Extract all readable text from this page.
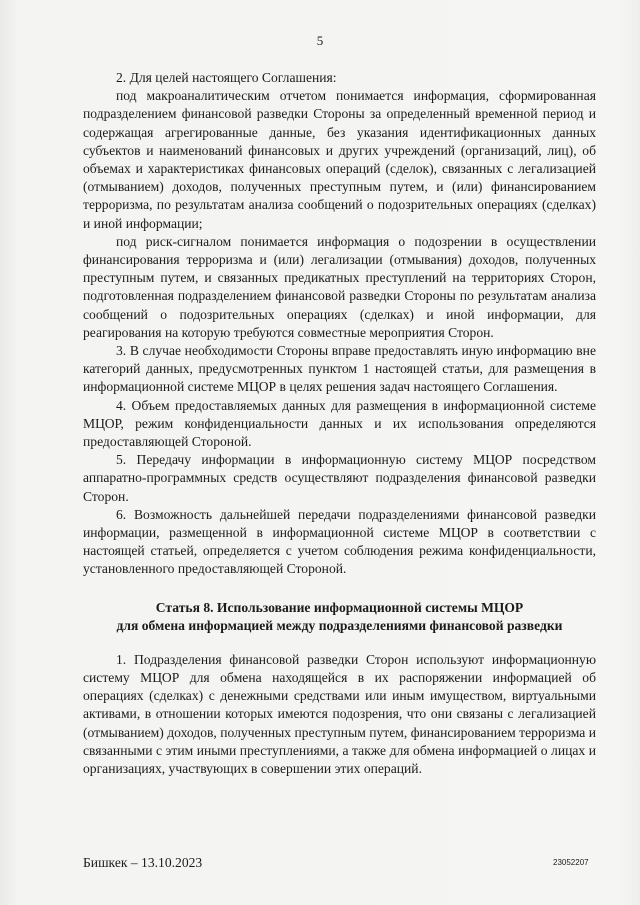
5

2. Для целей настоящего Соглашения:

под макроаналитическим отчетом понимается информация, сформированная подразделением финансовой разведки Стороны за определенный временной период и содержащая агрегированные данные, без указания идентификационных данных субъектов и наименований финансовых и других учреждений (организаций, лиц), об объемах и характеристиках финансовых операций (сделок), связанных с легализацией (отмыванием) доходов, полученных преступным путем, и (или) финансированием терроризма, по результатам анализа сообщений о подозрительных операциях (сделках) и иной информации;

под риск-сигналом понимается информация о подозрении в осуществлении финансирования терроризма и (или) легализации (отмывания) доходов, полученных преступным путем, и связанных предикатных преступлений на территориях Сторон, подготовленная подразделением финансовой разведки Стороны по результатам анализа сообщений о подозрительных операциях (сделках) и иной информации, для реагирования на которую требуются совместные мероприятия Сторон.

3. В случае необходимости Стороны вправе предоставлять иную информацию вне категорий данных, предусмотренных пунктом 1 настоящей статьи, для размещения в информационной системе МЦОР в целях решения задач настоящего Соглашения.

4. Объем предоставляемых данных для размещения в информационной системе МЦОР, режим конфиденциальности данных и их использования определяются предоставляющей Стороной.

5. Передачу информации в информационную систему МЦОР посредством аппаратно-программных средств осуществляют подразделения финансовой разведки Сторон.

6. Возможность дальнейшей передачи подразделениями финансовой разведки информации, размещенной в информационной системе МЦОР в соответствии с настоящей статьей, определяется с учетом соблюдения режима конфиденциальности, установленного предоставляющей Стороной.

Статья 8. Использование информационной системы МЦОР
для обмена информацией между подразделениями финансовой разведки

1. Подразделения финансовой разведки Сторон используют информационную систему МЦОР для обмена находящейся в их распоряжении информацией об операциях (сделках) с денежными средствами или иным имуществом, виртуальными активами, в отношении которых имеются подозрения, что они связаны с легализацией (отмыванием) доходов, полученных преступным путем, финансированием терроризма и связанными с этим иными преступлениями, а также для обмена информацией о лицах и организациях, участвующих в совершении этих операций.

Бишкек – 13.10.2023	23052207
